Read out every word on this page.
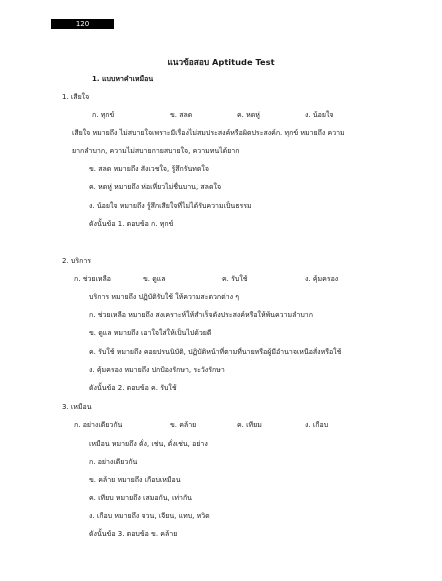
120
แนวข้อสอบ Aptitude Test
1. แบบหาคำเหมือน
1. เสียใจ
ก. ทุกข์	ข. สลด	ค. หดหู่	ง. น้อยใจ
เสียใจ หมายถึง ไม่สบายใจเพราะมีเรื่องไม่สมประสงค์หรือผิดประสงค์ก. ทุกข์ หมายถึง ความ
ยากลำบาก, ความไม่สบายกายสบายใจ, ความทนได้ยาก
ข. สลด หมายถึง สังเวชใจ, รู้สึกรันทดใจ
ค. หดหู่ หมายถึง ห่อเหี่ยวไม่ชื่นบาน, สลดใจ
ง. น้อยใจ หมายถึง รู้สึกเสียใจที่ไม่ได้รับความเป็นธรรม
ดังนั้นข้อ 1. ตอบข้อ ก. ทุกข์
2. บริการ
ก. ช่วยเหลือ	ข. ดูแล	ค. รับใช้	ง. คุ้มครอง
บริการ หมายถึง ปฏิบัติรับใช้ ให้ความสะดวกต่าง ๆ
ก. ช่วยเหลือ หมายถึง สงเคราะห์ให้สำเร็จดังประสงค์หรือให้พ้นความลำบาก
ข. ดูแล หมายถึง เอาใจใส่ให้เป็นไปด้วยดี
ค. รับใช้ หมายถึง คอยปรนนิบัติ, ปฏิบัติหน้าที่ตามที่นายหรือผู้มีอำนาจเหนือสั่งหรือใช้
ง. คุ้มครอง หมายถึง ปกป้องรักษา, ระวังรักษา
ดังนั้นข้อ 2. ตอบข้อ ค. รับใช้
3. เหมือน
ก. อย่างเดียวกัน	ข. คล้าย	ค. เทียม	ง. เกือบ
เหมือน หมายถึง ดั่ง, เช่น, ดั่งเช่น, อย่าง
ก. อย่างเดียวกัน
ข. คล้าย หมายถึง เกือบเหมือน
ค. เทียบ หมายถึง เสมอกัน, เท่ากัน
ง. เกือบ หมายถึง จวน, เจียน, แทบ, หวิด
ดังนั้นข้อ 3. ตอบข้อ ข. คล้าย
